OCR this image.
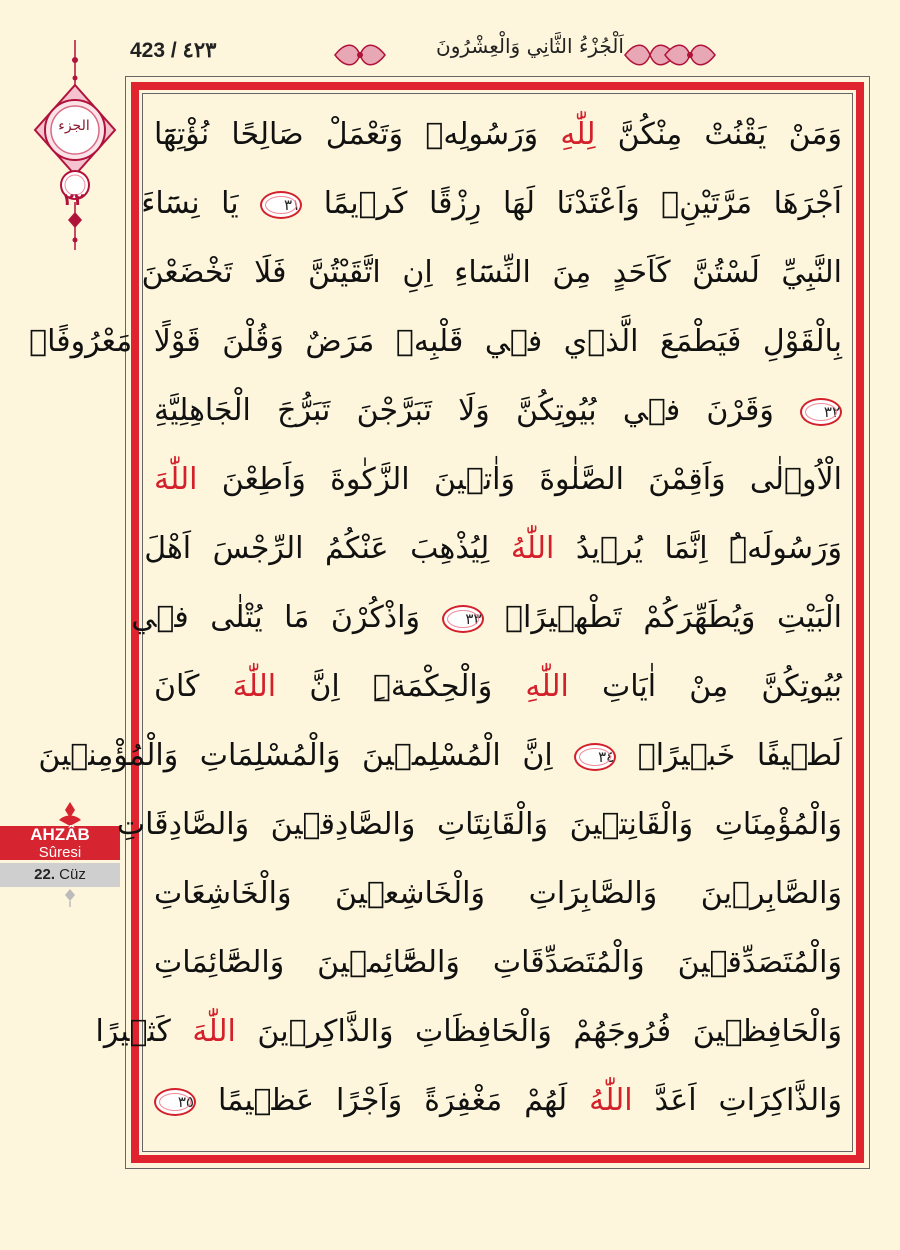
423 / ٤٢٣	اَلْجُزْءُ الثَّانِي وَالْعِشْرُونَ
الجزء
٢٢
AHZÂB
Sûresi
22. Cüz
وَمَنْ يَقْنُتْ مِنْكُنَّ لِلّٰهِ وَرَسُولِه۪ وَتَعْمَلْ صَالِحًا نُؤْتِهَٓا
اَجْرَهَا مَرَّتَيْنِۙ وَاَعْتَدْنَا لَهَا رِزْقًا كَر۪يمًا ٣١ يَا نِسَٓاءَ
النَّبِيِّ لَسْتُنَّ كَاَحَدٍ مِنَ النِّسَٓاءِ اِنِ اتَّقَيْتُنَّ فَلَا تَخْضَعْنَ
بِالْقَوْلِ فَيَطْمَعَ الَّذ۪ي ف۪ي قَلْبِه۪ مَرَضٌ وَقُلْنَ قَوْلًا مَعْرُوفًاۚ
٣٢ وَقَرْنَ ف۪ي بُيُوتِكُنَّ وَلَا تَبَرَّجْنَ تَبَرُّجَ الْجَاهِلِيَّةِ
الْاُو۫لٰى وَاَقِمْنَ الصَّلٰوةَ وَاٰت۪ينَ الزَّكٰوةَ وَاَطِعْنَ اللّٰهَ
وَرَسُولَهُۜ اِنَّمَا يُر۪يدُ اللّٰهُ لِيُذْهِبَ عَنْكُمُ الرِّجْسَ اَهْلَ
الْبَيْتِ وَيُطَهِّرَكُمْ تَطْه۪يرًاۚ ٣٣ وَاذْكُرْنَ مَا يُتْلٰى ف۪ي
بُيُوتِكُنَّ مِنْ اٰيَاتِ اللّٰهِ وَالْحِكْمَةِۜ اِنَّ اللّٰهَ كَانَ
لَط۪يفًا خَب۪يرًاۚ ٣٤ اِنَّ الْمُسْلِم۪ينَ وَالْمُسْلِمَاتِ وَالْمُؤْمِن۪ينَ
وَالْمُؤْمِنَاتِ وَالْقَانِت۪ينَ وَالْقَانِتَاتِ وَالصَّادِق۪ينَ وَالصَّادِقَاتِ
وَالصَّابِر۪ينَ وَالصَّابِرَاتِ وَالْخَاشِع۪ينَ وَالْخَاشِعَاتِ
وَالْمُتَصَدِّق۪ينَ وَالْمُتَصَدِّقَاتِ وَالصَّٓائِم۪ينَ وَالصَّٓائِمَاتِ
وَالْحَافِظ۪ينَ فُرُوجَهُمْ وَالْحَافِظَاتِ وَالذَّاكِر۪ينَ اللّٰهَ كَث۪يرًا
وَالذَّاكِرَاتِ اَعَدَّ اللّٰهُ لَهُمْ مَغْفِرَةً وَاَجْرًا عَظ۪يمًا ٣٥
